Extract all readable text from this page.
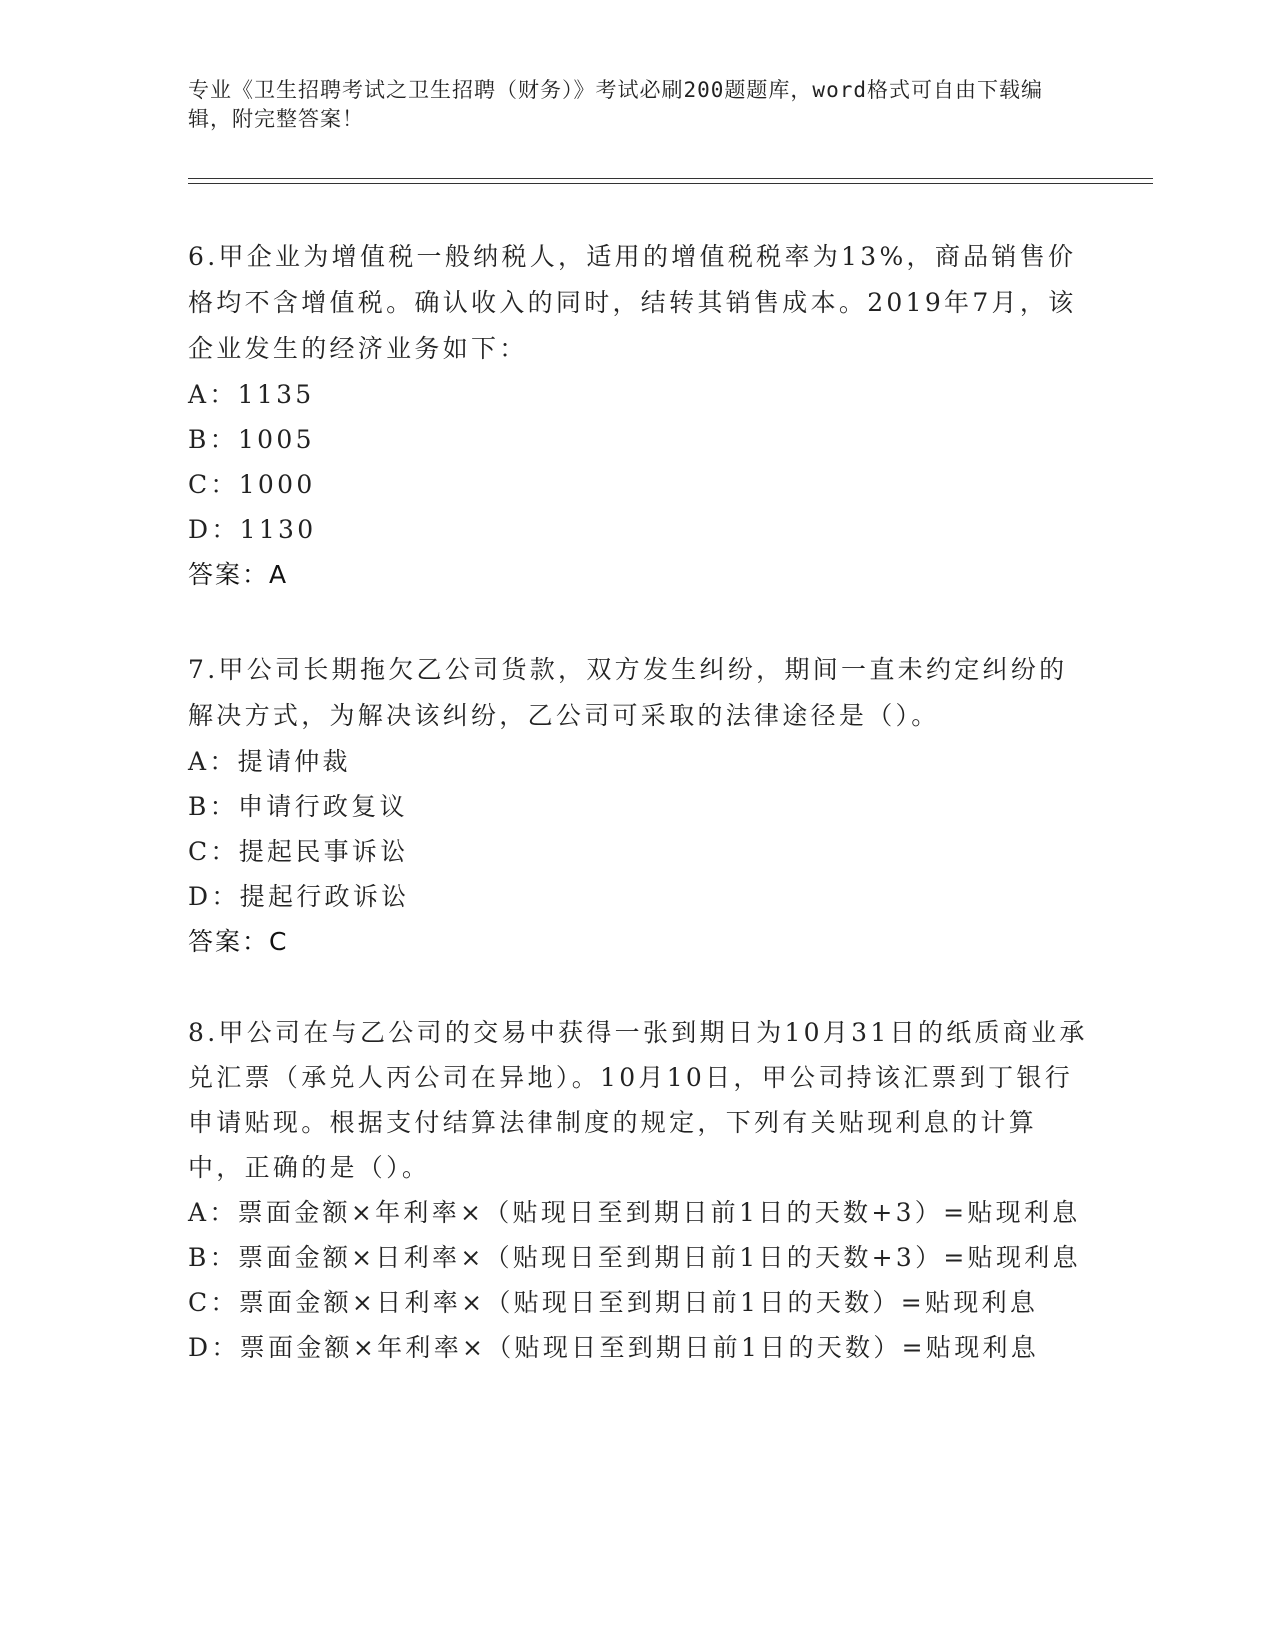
专业《卫生招聘考试之卫生招聘（财务）》考试必刷200题题库，word格式可自由下载编辑，附完整答案！
6.甲企业为增值税一般纳税人，适用的增值税税率为13%，商品销售价格均不含增值税。确认收入的同时，结转其销售成本。2019年7月，该企业发生的经济业务如下：
A：1135
B：1005
C：1000
D：1130
答案：A
7.甲公司长期拖欠乙公司货款，双方发生纠纷，期间一直未约定纠纷的解决方式，为解决该纠纷，乙公司可采取的法律途径是（）。
A：提请仲裁
B：申请行政复议
C：提起民事诉讼
D：提起行政诉讼
答案：C
8.甲公司在与乙公司的交易中获得一张到期日为10月31日的纸质商业承兑汇票（承兑人丙公司在异地）。10月10日，甲公司持该汇票到丁银行申请贴现。根据支付结算法律制度的规定，下列有关贴现利息的计算中，正确的是（）。
A：票面金额×年利率×（贴现日至到期日前1日的天数+3）=贴现利息
B：票面金额×日利率×（贴现日至到期日前1日的天数+3）=贴现利息
C：票面金额×日利率×（贴现日至到期日前1日的天数）=贴现利息
D：票面金额×年利率×（贴现日至到期日前1日的天数）=贴现利息
